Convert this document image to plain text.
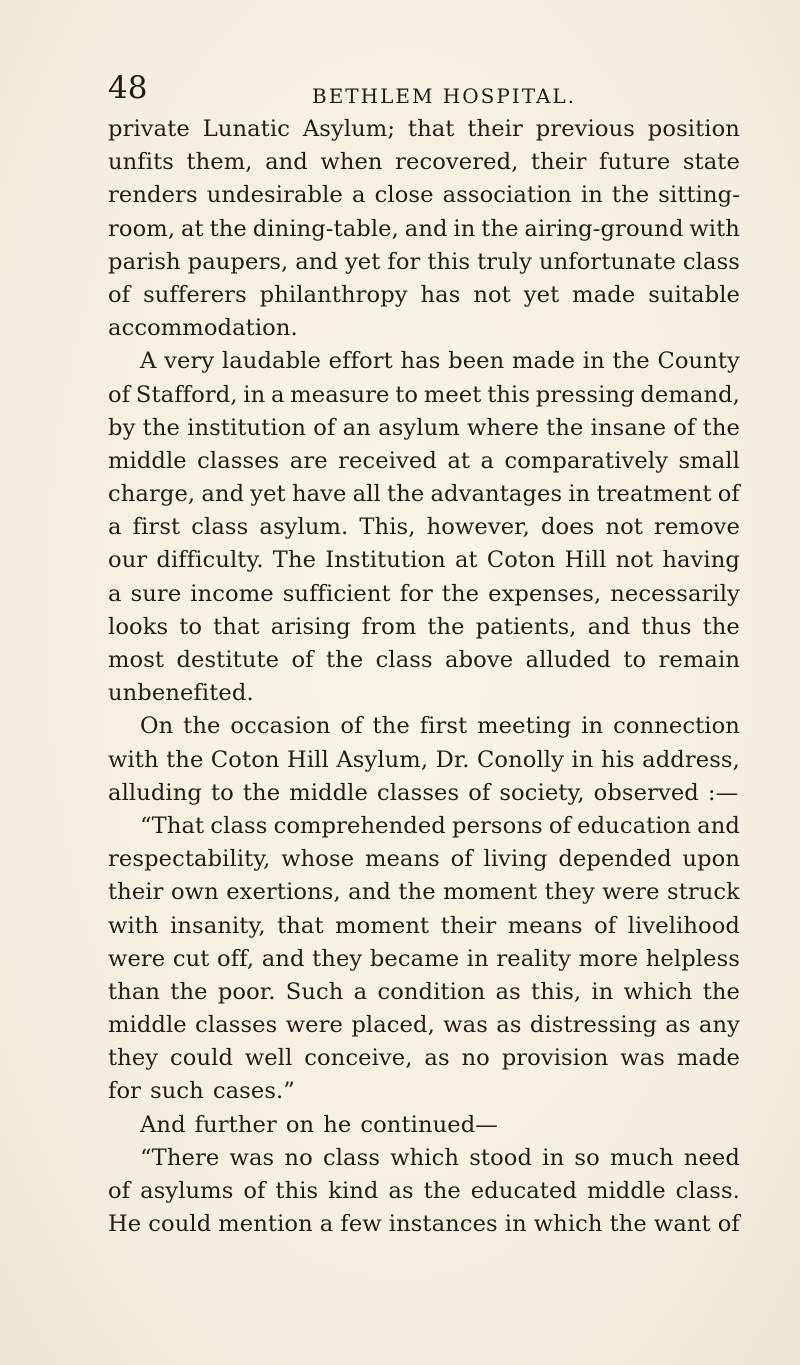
48	BETHLEM HOSPITAL.
private Lunatic Asylum; that their previous position
unfits them, and when recovered, their future state
renders undesirable a close association in the sitting-
room, at the dining-table, and in the airing-ground with
parish paupers, and yet for this truly unfortunate class
of sufferers philanthropy has not yet made suitable
accommodation.
A very laudable effort has been made in the County
of Stafford, in a measure to meet this pressing demand,
by the institution of an asylum where the insane of the
middle classes are received at a comparatively small
charge, and yet have all the advantages in treatment of
a first class asylum. This, however, does not remove
our difficulty. The Institution at Coton Hill not having
a sure income sufficient for the expenses, necessarily
looks to that arising from the patients, and thus the
most destitute of the class above alluded to remain
unbenefited.
On the occasion of the first meeting in connection
with the Coton Hill Asylum, Dr. Conolly in his address,
alluding to the middle classes of society, observed :—
“That class comprehended persons of education and
respectability, whose means of living depended upon
their own exertions, and the moment they were struck
with insanity, that moment their means of livelihood
were cut off, and they became in reality more helpless
than the poor. Such a condition as this, in which the
middle classes were placed, was as distressing as any
they could well conceive, as no provision was made
for such cases.”
And further on he continued—
“There was no class which stood in so much need
of asylums of this kind as the educated middle class.
He could mention a few instances in which the want of
